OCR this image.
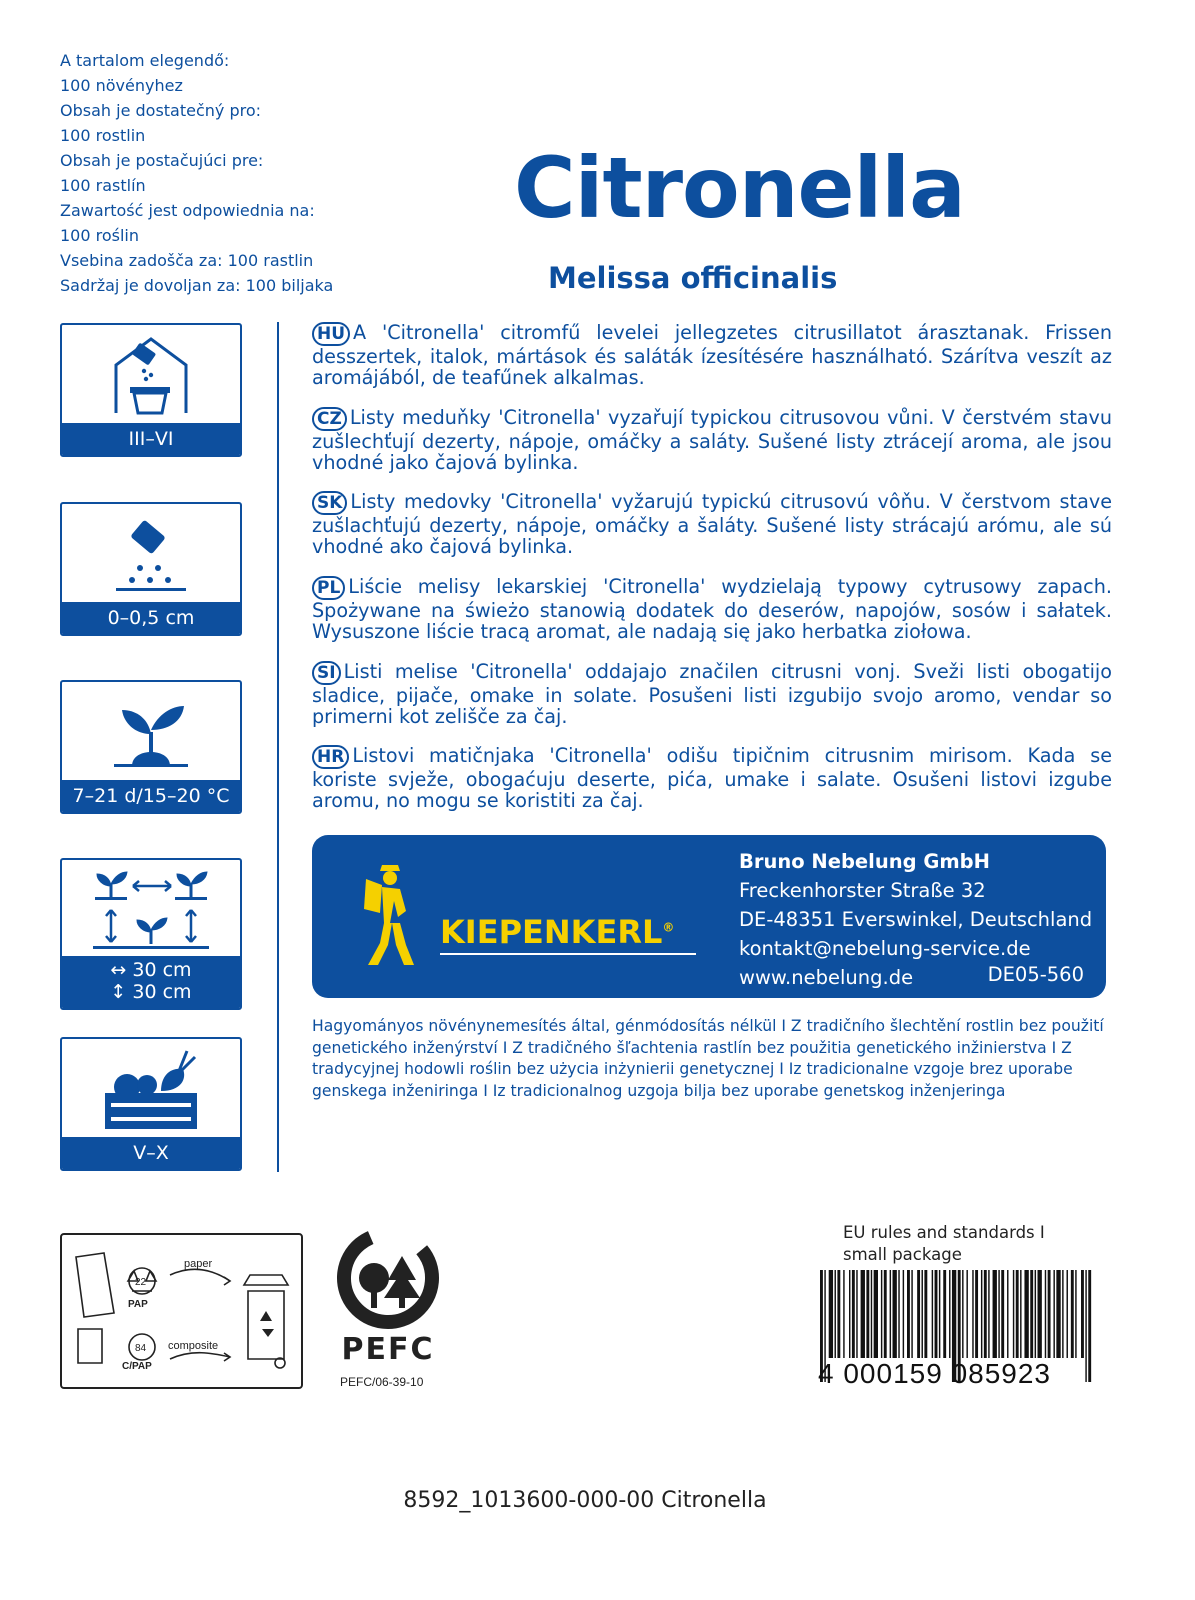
A tartalom elegendő:
100 növényhez
Obsah je dostatečný pro:
100 rostlin
Obsah je postačujúci pre:
100 rastlín
Zawartość jest odpowiednia na:
100 roślin
Vsebina zadošča za: 100 rastlin
Sadržaj je dovoljan za: 100 biljaka
Citronella
Melissa officinalis
III–VI
0–0,5 cm
7–21 d/15–20 °C
↔ 30 cm
↕ 30 cm
V–X
HU A 'Citronella' citromfű levelei jellegzetes citrusillatot árasztanak. Frissen desszertek, italok, mártások és saláták ízesítésére használható. Szárítva veszít az aromájából, de teafűnek alkalmas.
CZ Listy meduňky 'Citronella' vyzařují typickou citrusovou vůni. V čerstvém stavu zušlechťují dezerty, nápoje, omáčky a saláty. Sušené listy ztrácejí aroma, ale jsou vhodné jako čajová bylinka.
SK Listy medovky 'Citronella' vyžarujú typickú citrusovú vôňu. V čerstvom stave zušlachťujú dezerty, nápoje, omáčky a šaláty. Sušené listy strácajú arómu, ale sú vhodné ako čajová bylinka.
PL Liście melisy lekarskiej 'Citronella' wydzielają typowy cytrusowy zapach. Spożywane na świeżo stanowią dodatek do deserów, napojów, sosów i sałatek. Wysuszone liście tracą aromat, ale nadają się jako herbatka ziołowa.
SI Listi melise 'Citronella' oddajajo značilen citrusni vonj. Sveži listi obogatijo sladice, pijače, omake in solate. Posušeni listi izgubijo svojo aromo, vendar so primerni kot zelišče za čaj.
HR Listovi matičnjaka 'Citronella' odišu tipičnim citrusnim mirisom. Kada se koriste svježe, obogaćuju deserte, pića, umake i salate. Osušeni listovi izgube aromu, no mogu se koristiti za čaj.
KIEPENKERL®
Bruno Nebelung GmbH
Freckenhorster Straße 32
DE-48351 Everswinkel, Deutschland
kontakt@nebelung-service.de
www.nebelung.de	DE05-560
Hagyományos növénynemesítés által, génmódosítás nélkül I Z tradičního šlechtění rostlin bez použití genetického inženýrství I Z tradičného šľachtenia rastlín bez použitia genetického inžinierstva I Z tradycyjnej hodowli roślin bez użycia inżynierii genetycznej I Iz tradicionalne vzgoje brez uporabe genskega inženiringa I Iz tradicionalnog uzgoja bilja bez uporabe genetskog inženjeringa
22
PAP
84
C/PAP
paper
composite	PEFC
PEFC/06-39-10
EU rules and standards I
small package
4 000159 085923
8592_1013600-000-00 Citronella
